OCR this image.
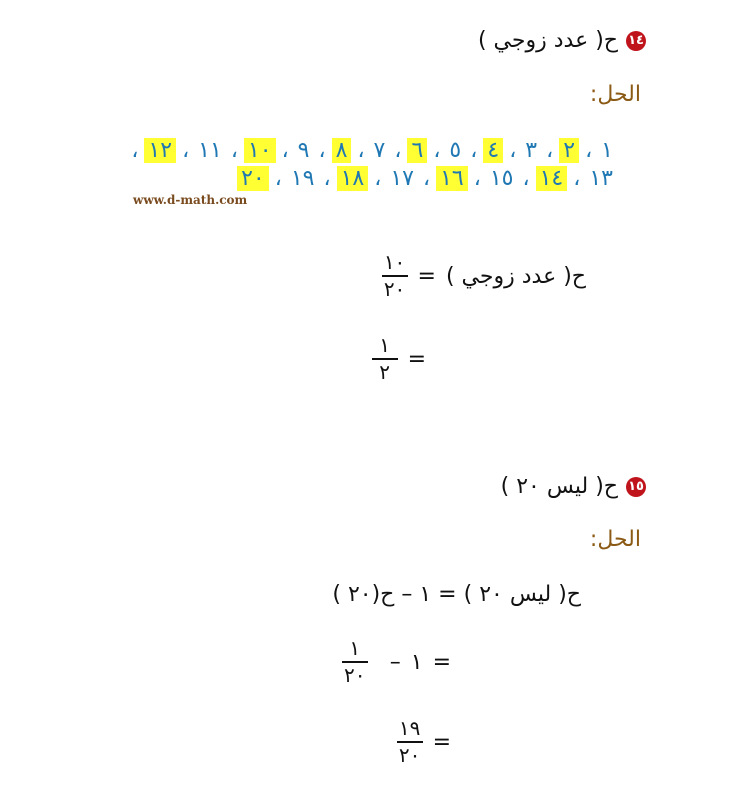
١٤
ح( عدد زوجي )
الحل:
١
،
٢
،
٣
،
٤
،
٥
،
٦
،
٧
،
٨
،
٩
،
١٠
،
١١
،
١٢
،
١٣
،
١٤
،
١٥
،
١٦
،
١٧
،
١٨
،
١٩
،
٢٠
www.d-math.com
ح( عدد زوجي )
=
$\frac{١٠}{٢٠}$
=
$\frac{١}{٢}$
١٥
ح( ليس ٢٠ )
الحل:
ح( ليس ٢٠ ) = ١ – ح(٢٠ )
=
١
–
$\frac{١}{٢٠}$
=
$\frac{١٩}{٢٠}$
